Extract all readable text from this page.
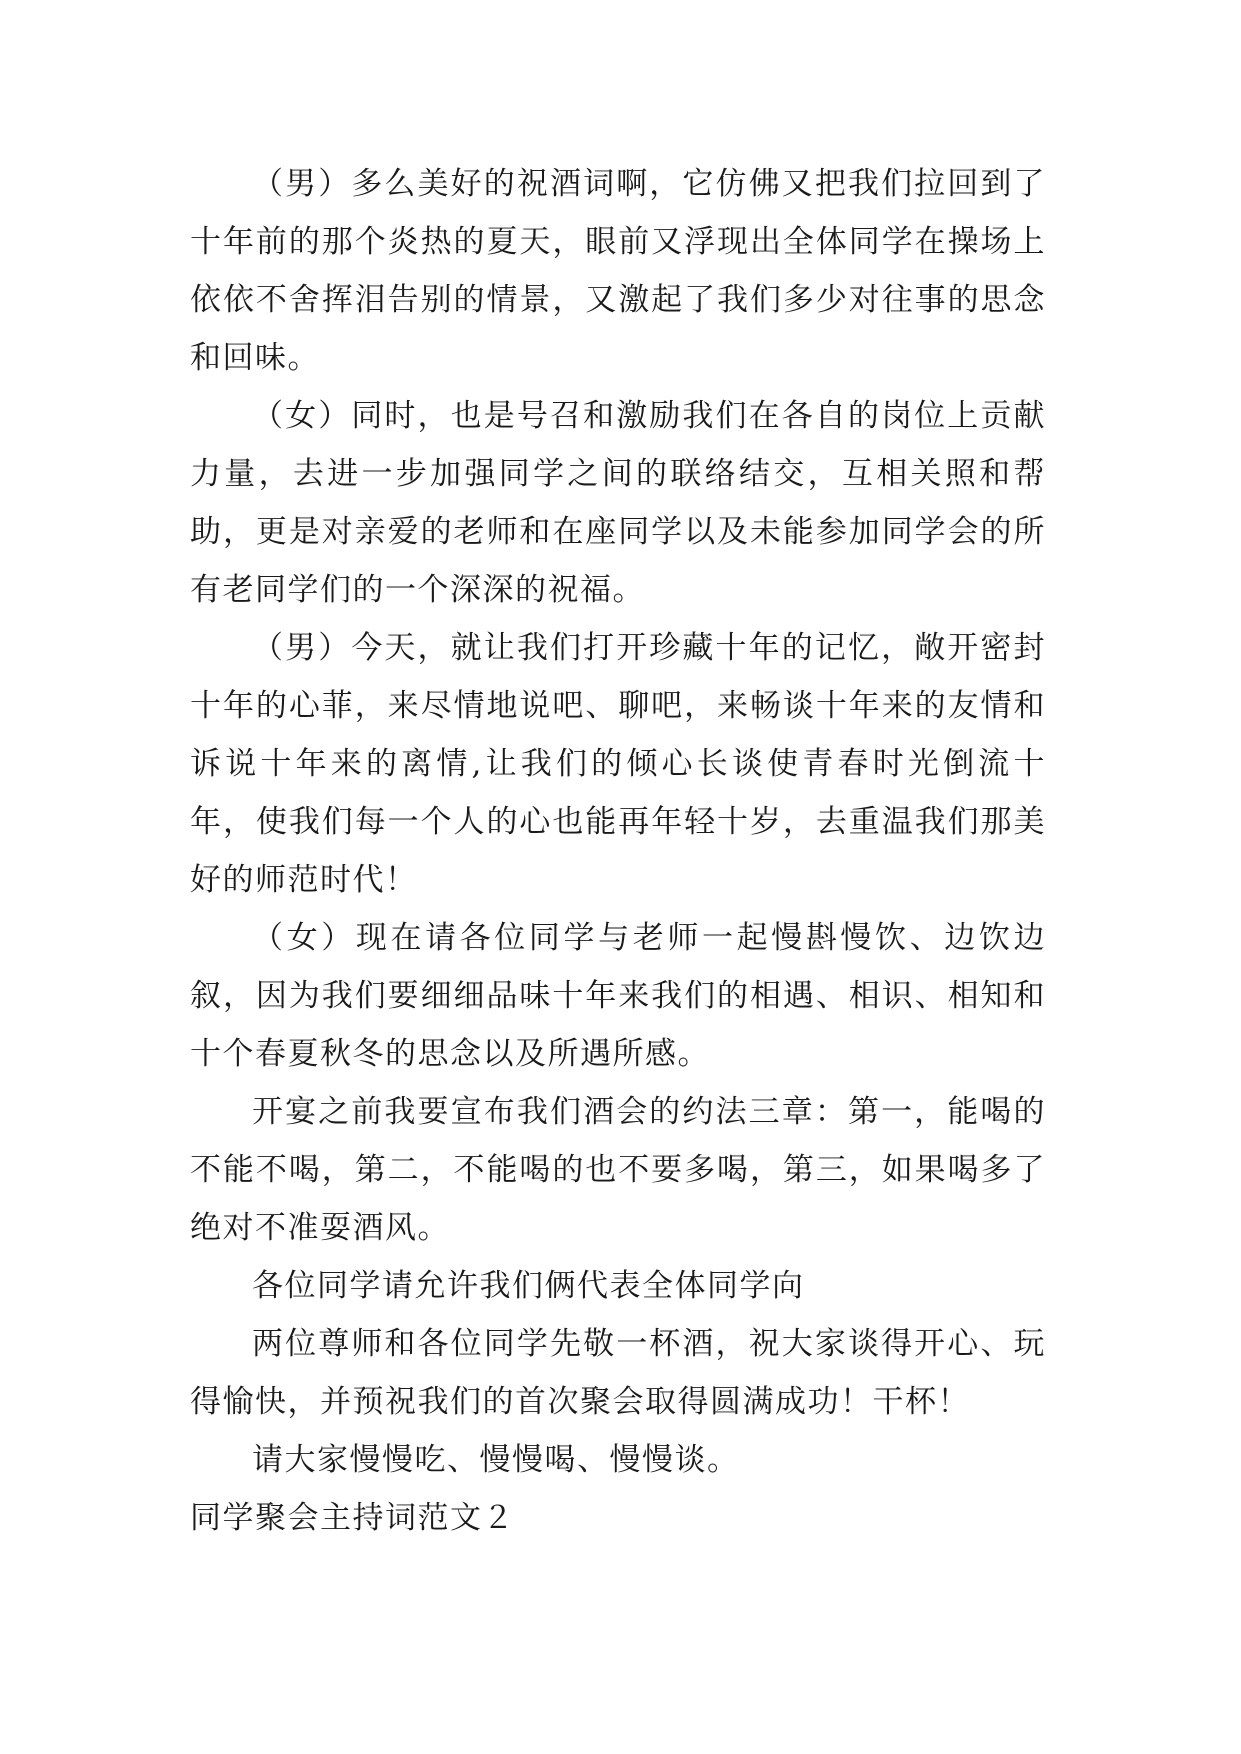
（男）多么美好的祝酒词啊，它仿佛又把我们拉回到了十年前的那个炎热的夏天，眼前又浮现出全体同学在操场上依依不舍挥泪告别的情景，又激起了我们多少对往事的思念和回味。

（女）同时，也是号召和激励我们在各自的岗位上贡献力量，去进一步加强同学之间的联络结交，互相关照和帮助，更是对亲爱的老师和在座同学以及未能参加同学会的所有老同学们的一个深深的祝福。

（男）今天，就让我们打开珍藏十年的记忆，敞开密封十年的心菲，来尽情地说吧、聊吧，来畅谈十年来的友情和诉说十年来的离情,让我们的倾心长谈使青春时光倒流十年，使我们每一个人的心也能再年轻十岁，去重温我们那美好的师范时代！

（女）现在请各位同学与老师一起慢斟慢饮、边饮边叙，因为我们要细细品味十年来我们的相遇、相识、相知和十个春夏秋冬的思念以及所遇所感。

开宴之前我要宣布我们酒会的约法三章：第一，能喝的不能不喝，第二，不能喝的也不要多喝，第三，如果喝多了绝对不准耍酒风。

各位同学请允许我们俩代表全体同学向

两位尊师和各位同学先敬一杯酒，祝大家谈得开心、玩得愉快，并预祝我们的首次聚会取得圆满成功！干杯！

请大家慢慢吃、慢慢喝、慢慢谈。

同学聚会主持词范文２
